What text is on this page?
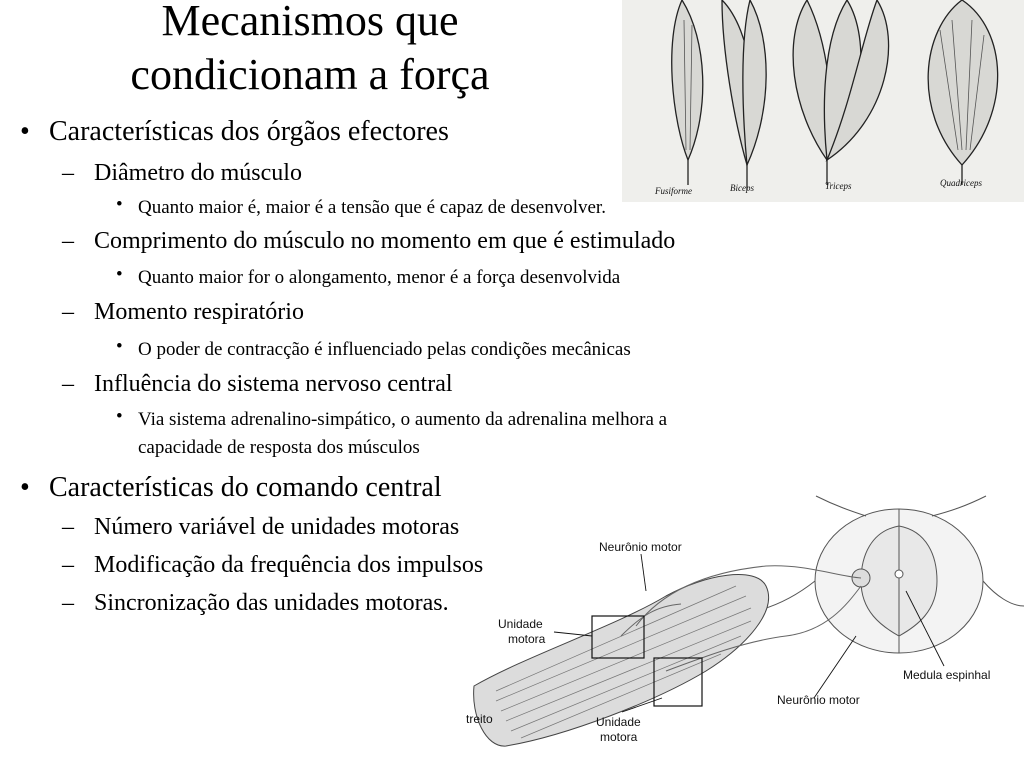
Mecanismos que
condicionam a força
Fusiforme	Biceps	Triceps	Quadriceps
• Características dos órgãos efectores
– Diâmetro do músculo
• Quanto maior é, maior é a tensão que é capaz de desenvolver.
– Comprimento do músculo no momento em que é estimulado
• Quanto maior for o alongamento, menor é a força desenvolvida
– Momento respiratório
• O poder de contracção é influenciado pelas condições mecânicas
– Influência do sistema nervoso central
• Via sistema adrenalino-simpático, o aumento da adrenalina melhora a
capacidade de resposta dos músculos
• Características do comando central
– Número variável de unidades motoras
– Modificação da frequência dos impulsos
– Sincronização das unidades motoras.
Neurônio motor
Unidade
motora
Unidade
motora
Neurônio motor
Medula espinhal
treito
